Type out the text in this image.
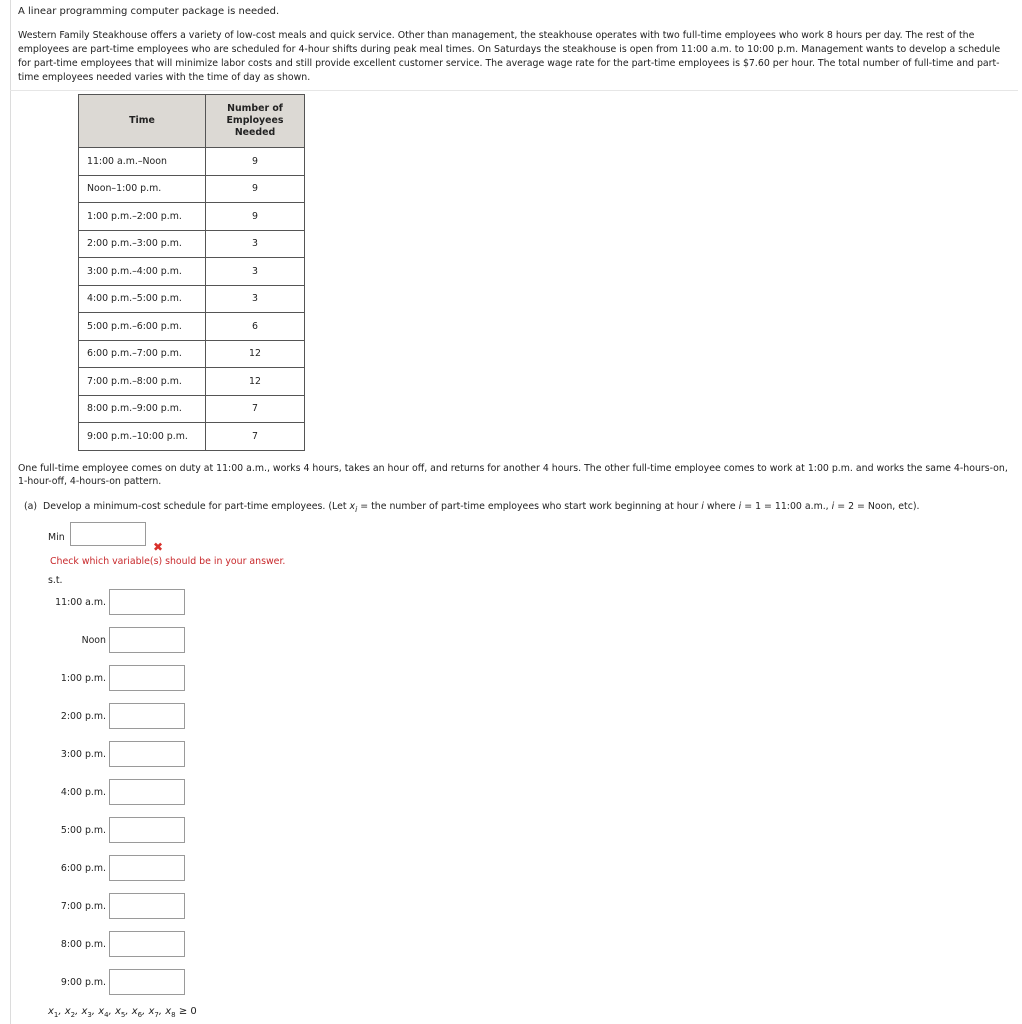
A linear programming computer package is needed.
Western Family Steakhouse offers a variety of low-cost meals and quick service. Other than management, the steakhouse operates with two full-time employees who work 8 hours per day. The rest of the employees are part-time employees who are scheduled for 4-hour shifts during peak meal times. On Saturdays the steakhouse is open from 11:00 a.m. to 10:00 p.m. Management wants to develop a schedule for part-time employees that will minimize labor costs and still provide excellent customer service. The average wage rate for the part-time employees is $7.60 per hour. The total number of full-time and part-time employees needed varies with the time of day as shown.
Time	Number of Employees Needed
11:00 a.m.–Noon	9
Noon–1:00 p.m.	9
1:00 p.m.–2:00 p.m.	9
2:00 p.m.–3:00 p.m.	3
3:00 p.m.–4:00 p.m.	3
4:00 p.m.–5:00 p.m.	3
5:00 p.m.–6:00 p.m.	6
6:00 p.m.–7:00 p.m.	12
7:00 p.m.–8:00 p.m.	12
8:00 p.m.–9:00 p.m.	7
9:00 p.m.–10:00 p.m.	7
One full-time employee comes on duty at 11:00 a.m., works 4 hours, takes an hour off, and returns for another 4 hours. The other full-time employee comes to work at 1:00 p.m. and works the same 4-hours-on, 1-hour-off, 4-hours-on pattern.
(a) Develop a minimum-cost schedule for part-time employees. (Let $x_i$ = the number of part-time employees who start work beginning at hour i where i = 1 = 11:00 a.m., i = 2 = Noon, etc).
Min
✖
Check which variable(s) should be in your answer.
s.t.
11:00 a.m.
Noon
1:00 p.m.
2:00 p.m.
3:00 p.m.
4:00 p.m.
5:00 p.m.
6:00 p.m.
7:00 p.m.
8:00 p.m.
9:00 p.m.
$x_1$, $x_2$, $x_3$, $x_4$, $x_5$, $x_6$, $x_7$, $x_8 \ge 0$
